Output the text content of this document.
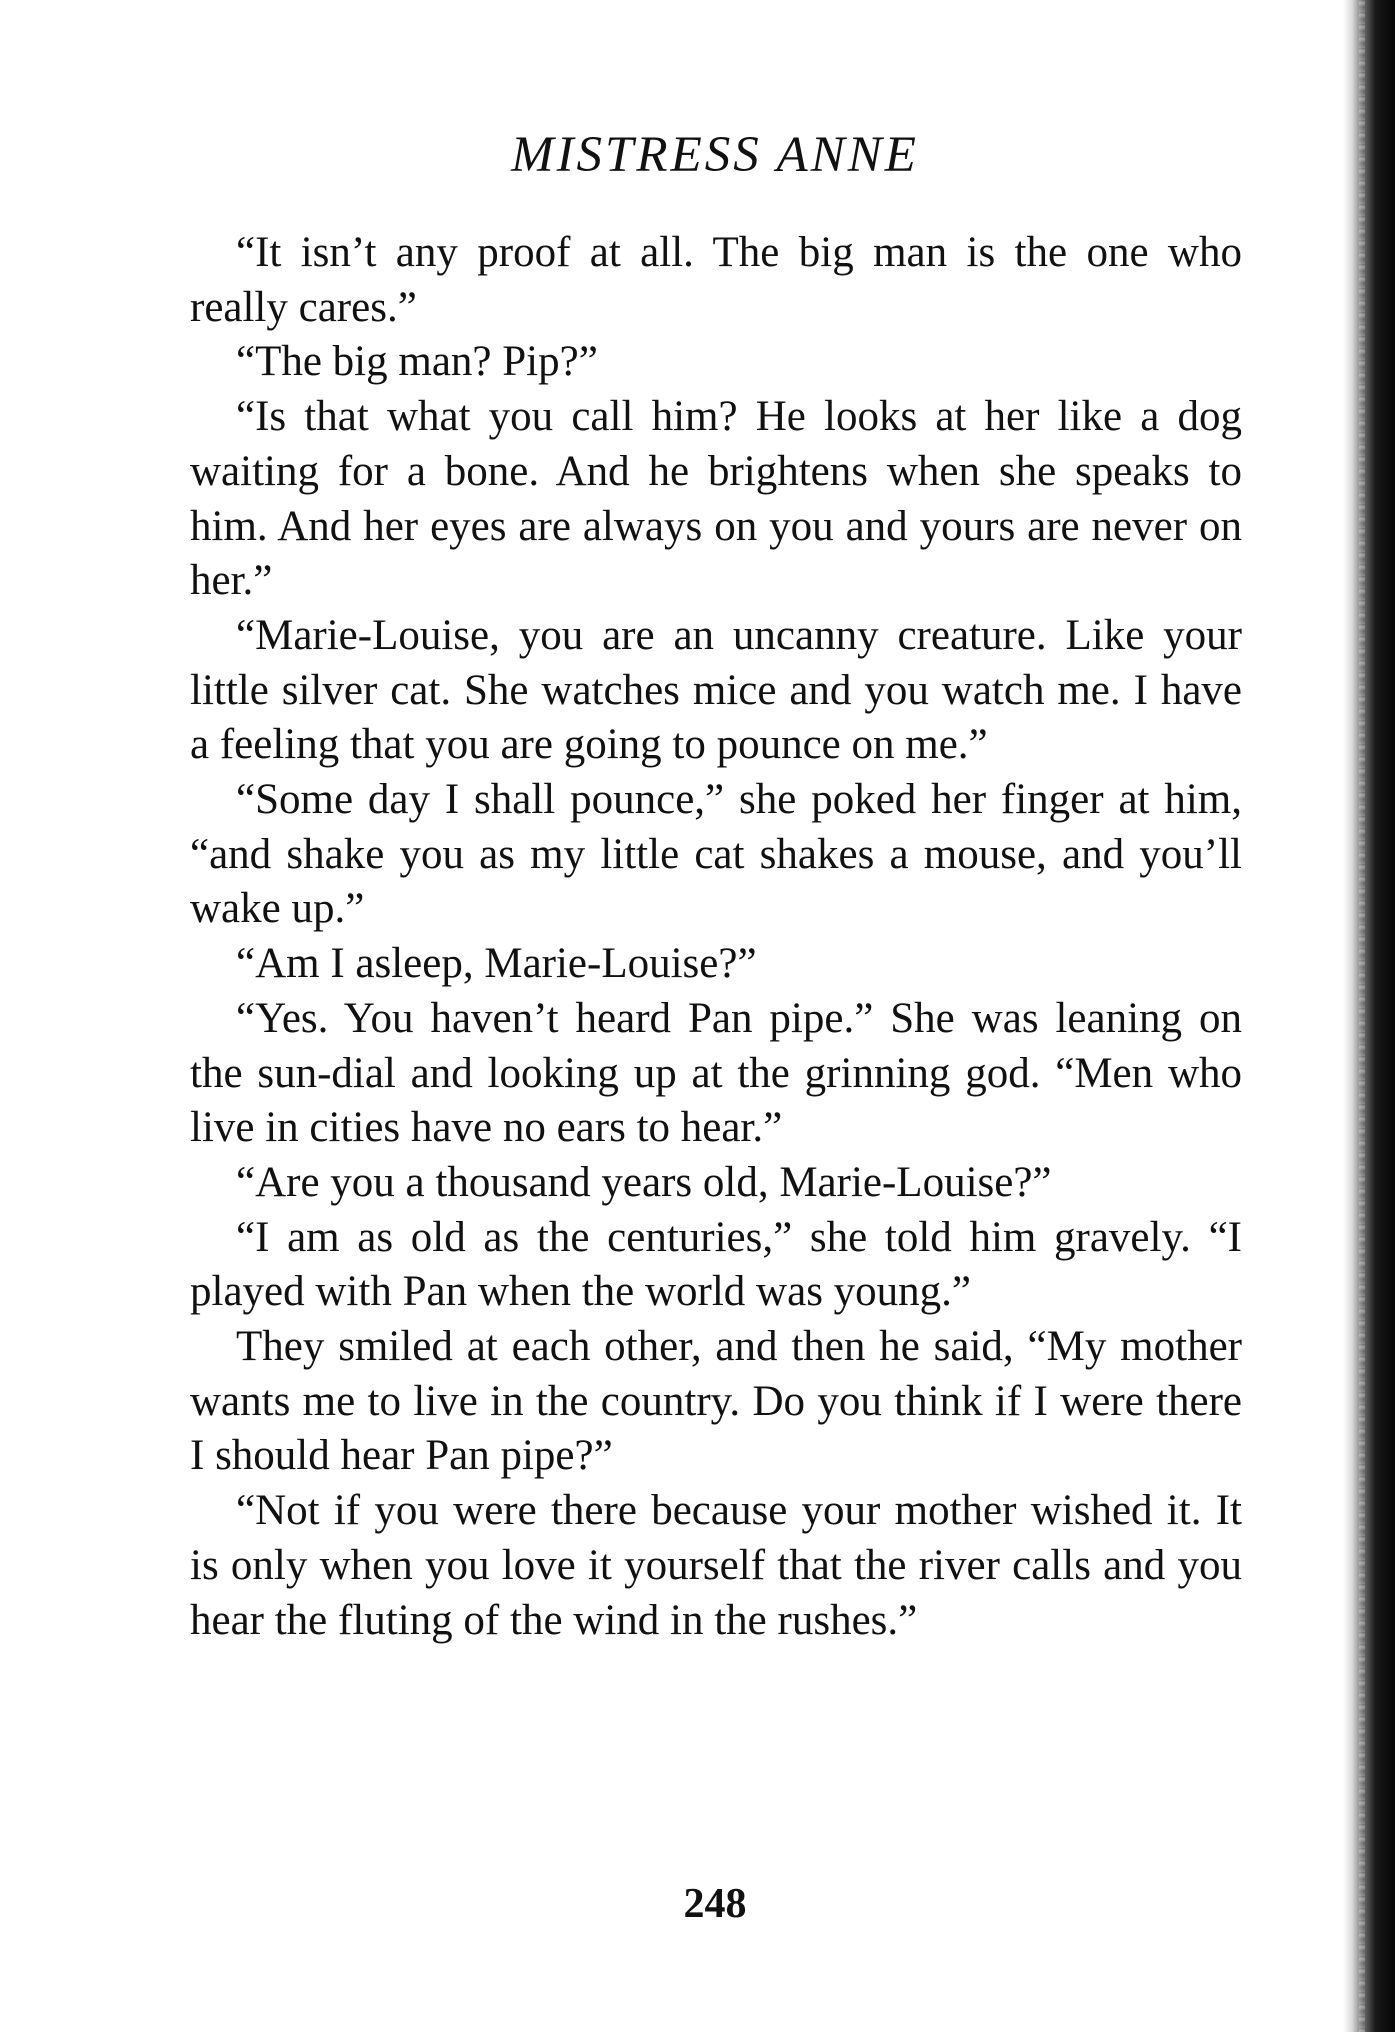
MISTRESS ANNE

“It isn’t any proof at all. The big man is the one who really cares.”

“The big man? Pip?”

“Is that what you call him? He looks at her like a dog waiting for a bone. And he brightens when she speaks to him. And her eyes are always on you and yours are never on her.”

“Marie-Louise, you are an uncanny creature. Like your little silver cat. She watches mice and you watch me. I have a feeling that you are going to pounce on me.”

“Some day I shall pounce,” she poked her finger at him, “and shake you as my little cat shakes a mouse, and you’ll wake up.”

“Am I asleep, Marie-Louise?”

“Yes. You haven’t heard Pan pipe.” She was leaning on the sun-dial and looking up at the grinning god. “Men who live in cities have no ears to hear.”

“Are you a thousand years old, Marie-Louise?”

“I am as old as the centuries,” she told him gravely. “I played with Pan when the world was young.”

They smiled at each other, and then he said, “My mother wants me to live in the country. Do you think if I were there I should hear Pan pipe?”

“Not if you were there because your mother wished it. It is only when you love it yourself that the river calls and you hear the fluting of the wind in the rushes.”

248
